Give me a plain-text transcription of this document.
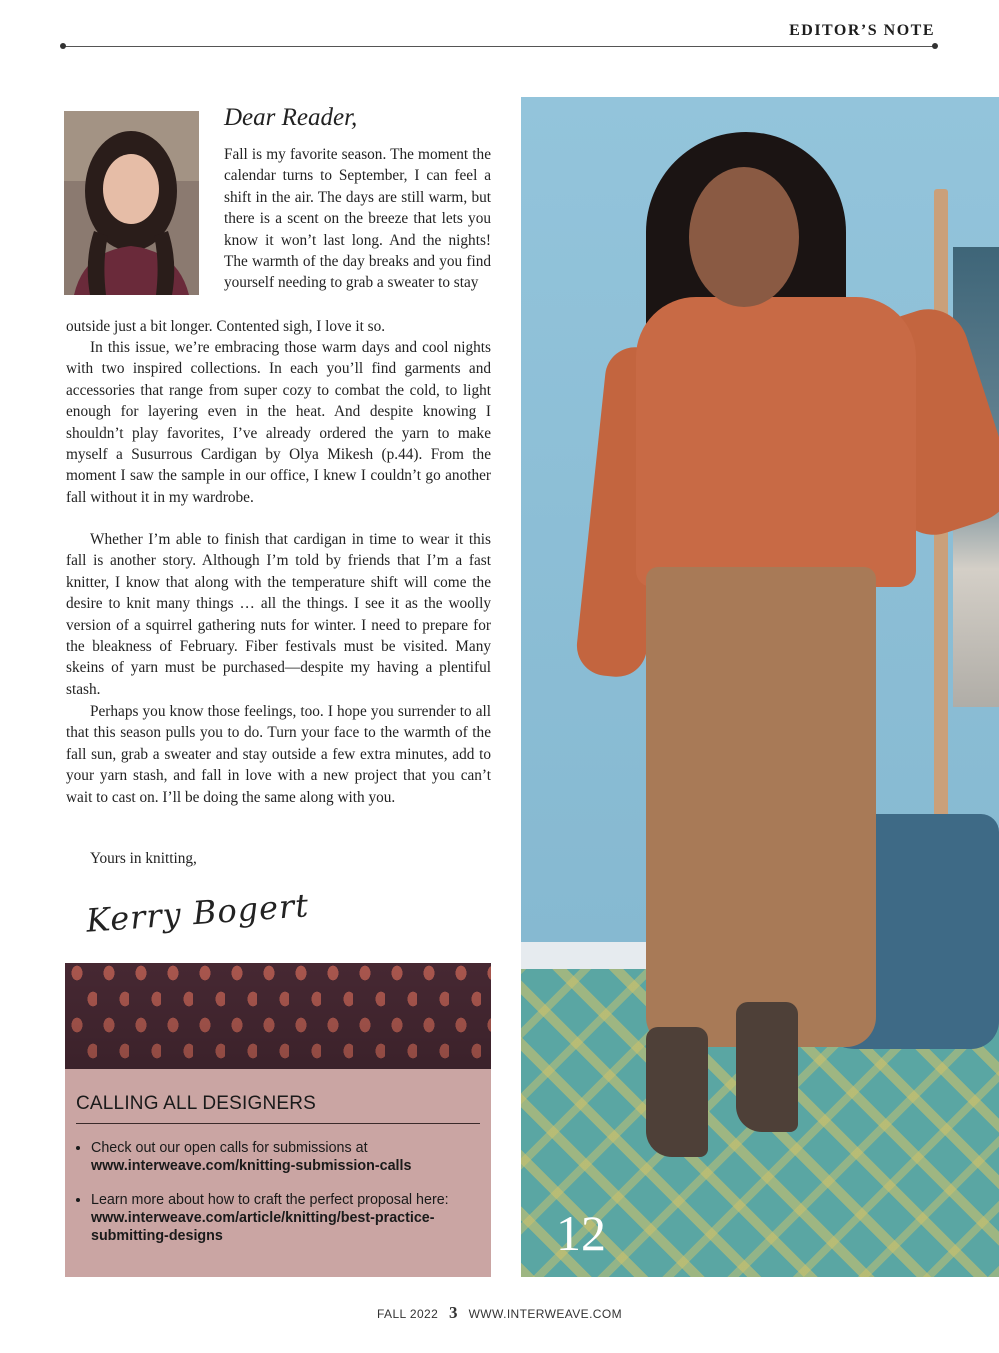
EDITOR’S NOTE
Dear Reader,
Fall is my favorite season. The moment the calendar turns to September, I can feel a shift in the air. The days are still warm, but there is a scent on the breeze that lets you know it won’t last long. And the nights! The warmth of the day breaks and you find yourself needing to grab a sweater to stay
outside just a bit longer. Contented sigh, I love it so.
In this issue, we’re embracing those warm days and cool nights with two inspired collections. In each you’ll find garments and accessories that range from super cozy to combat the cold, to light enough for layering even in the heat. And despite knowing I shouldn’t play favorites, I’ve already ordered the yarn to make myself a Susurrous Cardigan by Olya Mikesh (p.44). From the moment I saw the sample in our office, I knew I couldn’t go another fall without it in my wardrobe.
Whether I’m able to finish that cardigan in time to wear it this fall is another story. Although I’m told by friends that I’m a fast knitter, I know that along with the temperature shift will come the desire to knit many things … all the things. I see it as the woolly version of a squirrel gathering nuts for winter. I need to prepare for the bleakness of February. Fiber festivals must be visited. Many skeins of yarn must be purchased—despite my having a plentiful stash.
Perhaps you know those feelings, too. I hope you surrender to all that this season pulls you to do. Turn your face to the warmth of the fall sun, grab a sweater and stay outside a few extra minutes, add to your yarn stash, and fall in love with a new project that you can’t wait to cast on. I’ll be doing the same along with you.
Yours in knitting,
Kerry Bogert
CALLING ALL DESIGNERS
• Check out our open calls for submissions at
www.interweave.com/knitting-submission-calls
• Learn more about how to craft the perfect proposal here: www.interweave.com/article/knitting/best-practice-submitting-designs	12
FALL 2022 3 WWW.INTERWEAVE.COM
